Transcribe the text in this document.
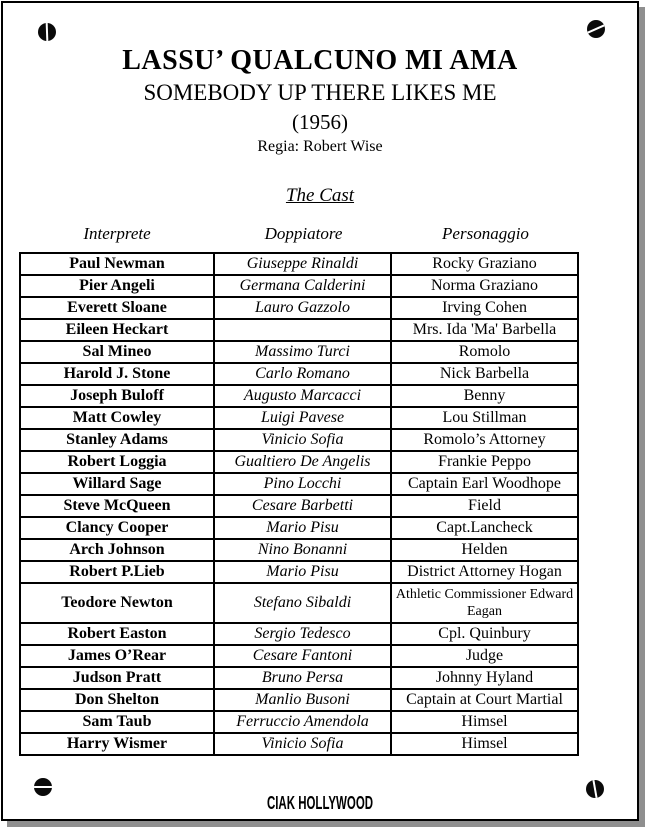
LASSU’ QUALCUNO MI AMA
SOMEBODY UP THERE LIKES ME
(1956)
Regia: Robert Wise
The Cast
Interprete	Doppiatore	Personaggio
Paul Newman	Giuseppe Rinaldi	Rocky Graziano
Pier Angeli	Germana Calderini	Norma Graziano
Everett Sloane	Lauro Gazzolo	Irving Cohen
Eileen Heckart		Mrs. Ida 'Ma' Barbella
Sal Mineo	Massimo Turci	Romolo
Harold J. Stone	Carlo Romano	Nick Barbella
Joseph Buloff	Augusto Marcacci	Benny
Matt Cowley	Luigi Pavese	Lou Stillman
Stanley Adams	Vinicio Sofia	Romolo’s Attorney
Robert Loggia	Gualtiero De Angelis	Frankie Peppo
Willard Sage	Pino Locchi	Captain Earl Woodhope
Steve McQueen	Cesare Barbetti	Field
Clancy Cooper	Mario Pisu	Capt.Lancheck
Arch Johnson	Nino Bonanni	Helden
Robert P.Lieb	Mario Pisu	District Attorney Hogan
Teodore Newton	Stefano Sibaldi	Athletic Commissioner Edward Eagan
Robert Easton	Sergio Tedesco	Cpl. Quinbury
James O’Rear	Cesare Fantoni	Judge
Judson Pratt	Bruno Persa	Johnny Hyland
Don Shelton	Manlio Busoni	Captain at Court Martial
Sam Taub	Ferruccio Amendola	Himsel
Harry Wismer	Vinicio Sofia	Himsel
CIAK HOLLYWOOD
